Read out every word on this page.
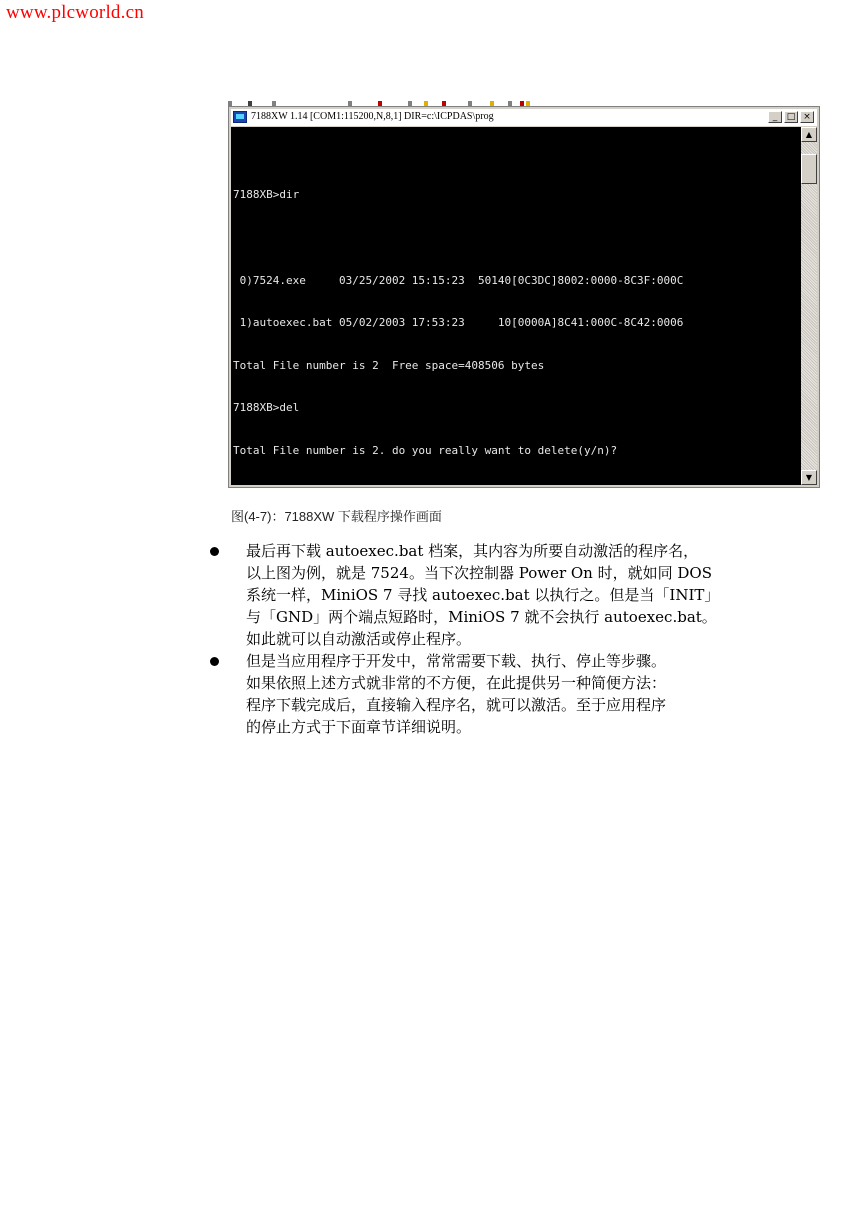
www.plcworld.cn
7188XW 1.14 [COM1:115200,N,8,1] DIR=c:\ICPDAS\prog	_	□ ×

7188XB>dir

0)7524.exe     03/25/2002 15:15:23  50140[0C3DC]8002:0000-8C3F:000C

1)autoexec.bat 05/02/2003 17:53:23     10[0000A]8C41:000C-8C42:0006

Total File number is 2  Free space=408506 bytes

7188XB>del

Total File number is 2. do you really want to delete(y/n)?

▲
▼
图(4-7)：7188XW 下载程序操作画面
最后再下载 autoexec.bat 档案，其内容为所要自动激活的程序名，
以上图为例，就是 7524。当下次控制器 Power On 时，就如同 DOS
系统一样，MiniOS 7 寻找 autoexec.bat 以执行之。但是当「INIT」
与「GND」两个端点短路时，MiniOS 7 就不会执行 autoexec.bat。
如此就可以自动激活或停止程序。
但是当应用程序于开发中，常常需要下载、执行、停止等步骤。
如果依照上述方式就非常的不方便，在此提供另一种简便方法：
程序下载完成后，直接输入程序名，就可以激活。至于应用程序
的停止方式于下面章节详细说明。
